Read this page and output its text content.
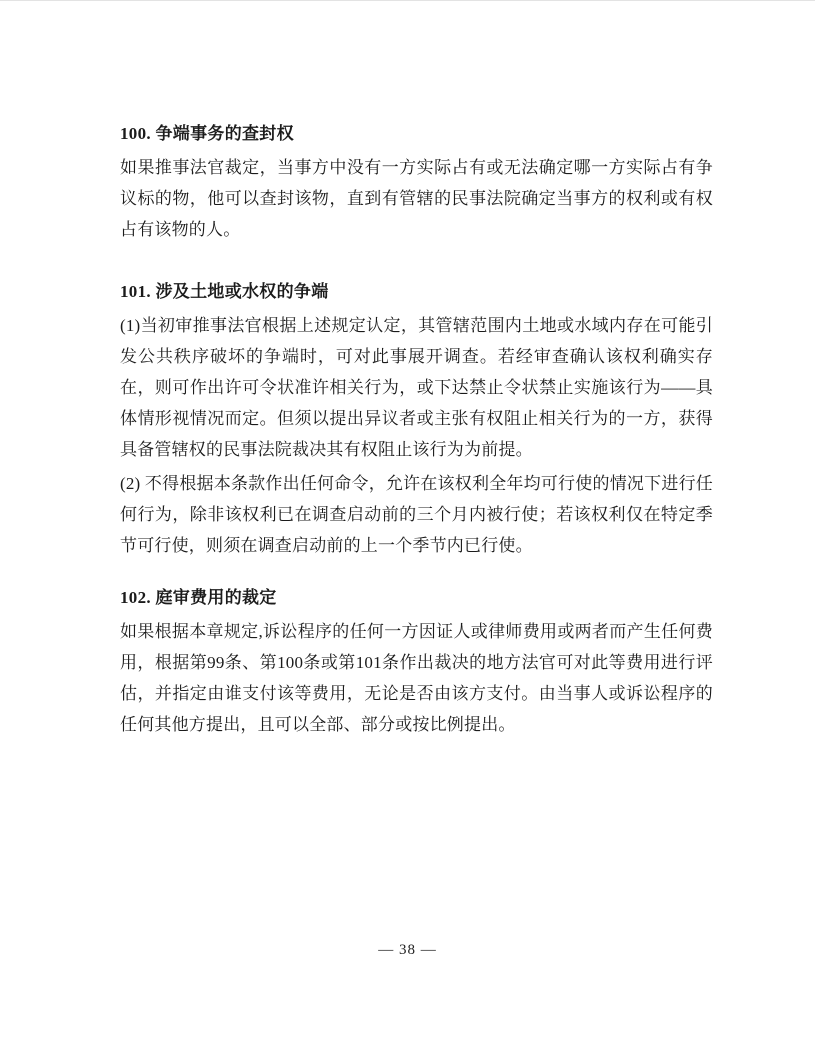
100. 争端事务的查封权

如果推事法官裁定，当事方中没有一方实际占有或无法确定哪一方实际占有争议标的物，他可以查封该物，直到有管辖的民事法院确定当事方的权利或有权占有该物的人。

101. 涉及土地或水权的争端

(1)当初审推事法官根据上述规定认定，其管辖范围内土地或水域内存在可能引发公共秩序破坏的争端时，可对此事展开调查。若经审查确认该权利确实存在，则可作出许可令状准许相关行为，或下达禁止令状禁止实施该行为——具体情形视情况而定。但须以提出异议者或主张有权阻止相关行为的一方，获得具备管辖权的民事法院裁决其有权阻止该行为为前提。

(2) 不得根据本条款作出任何命令，允许在该权利全年均可行使的情况下进行任何行为，除非该权利已在调查启动前的三个月内被行使；若该权利仅在特定季节可行使，则须在调查启动前的上一个季节内已行使。

102. 庭审费用的裁定

如果根据本章规定,诉讼程序的任何一方因证人或律师费用或两者而产生任何费用，根据第99条、第100条或第101条作出裁决的地方法官可对此等费用进行评估，并指定由谁支付该等费用，无论是否由该方支付。由当事人或诉讼程序的任何其他方提出，且可以全部、部分或按比例提出。

— 38 —
